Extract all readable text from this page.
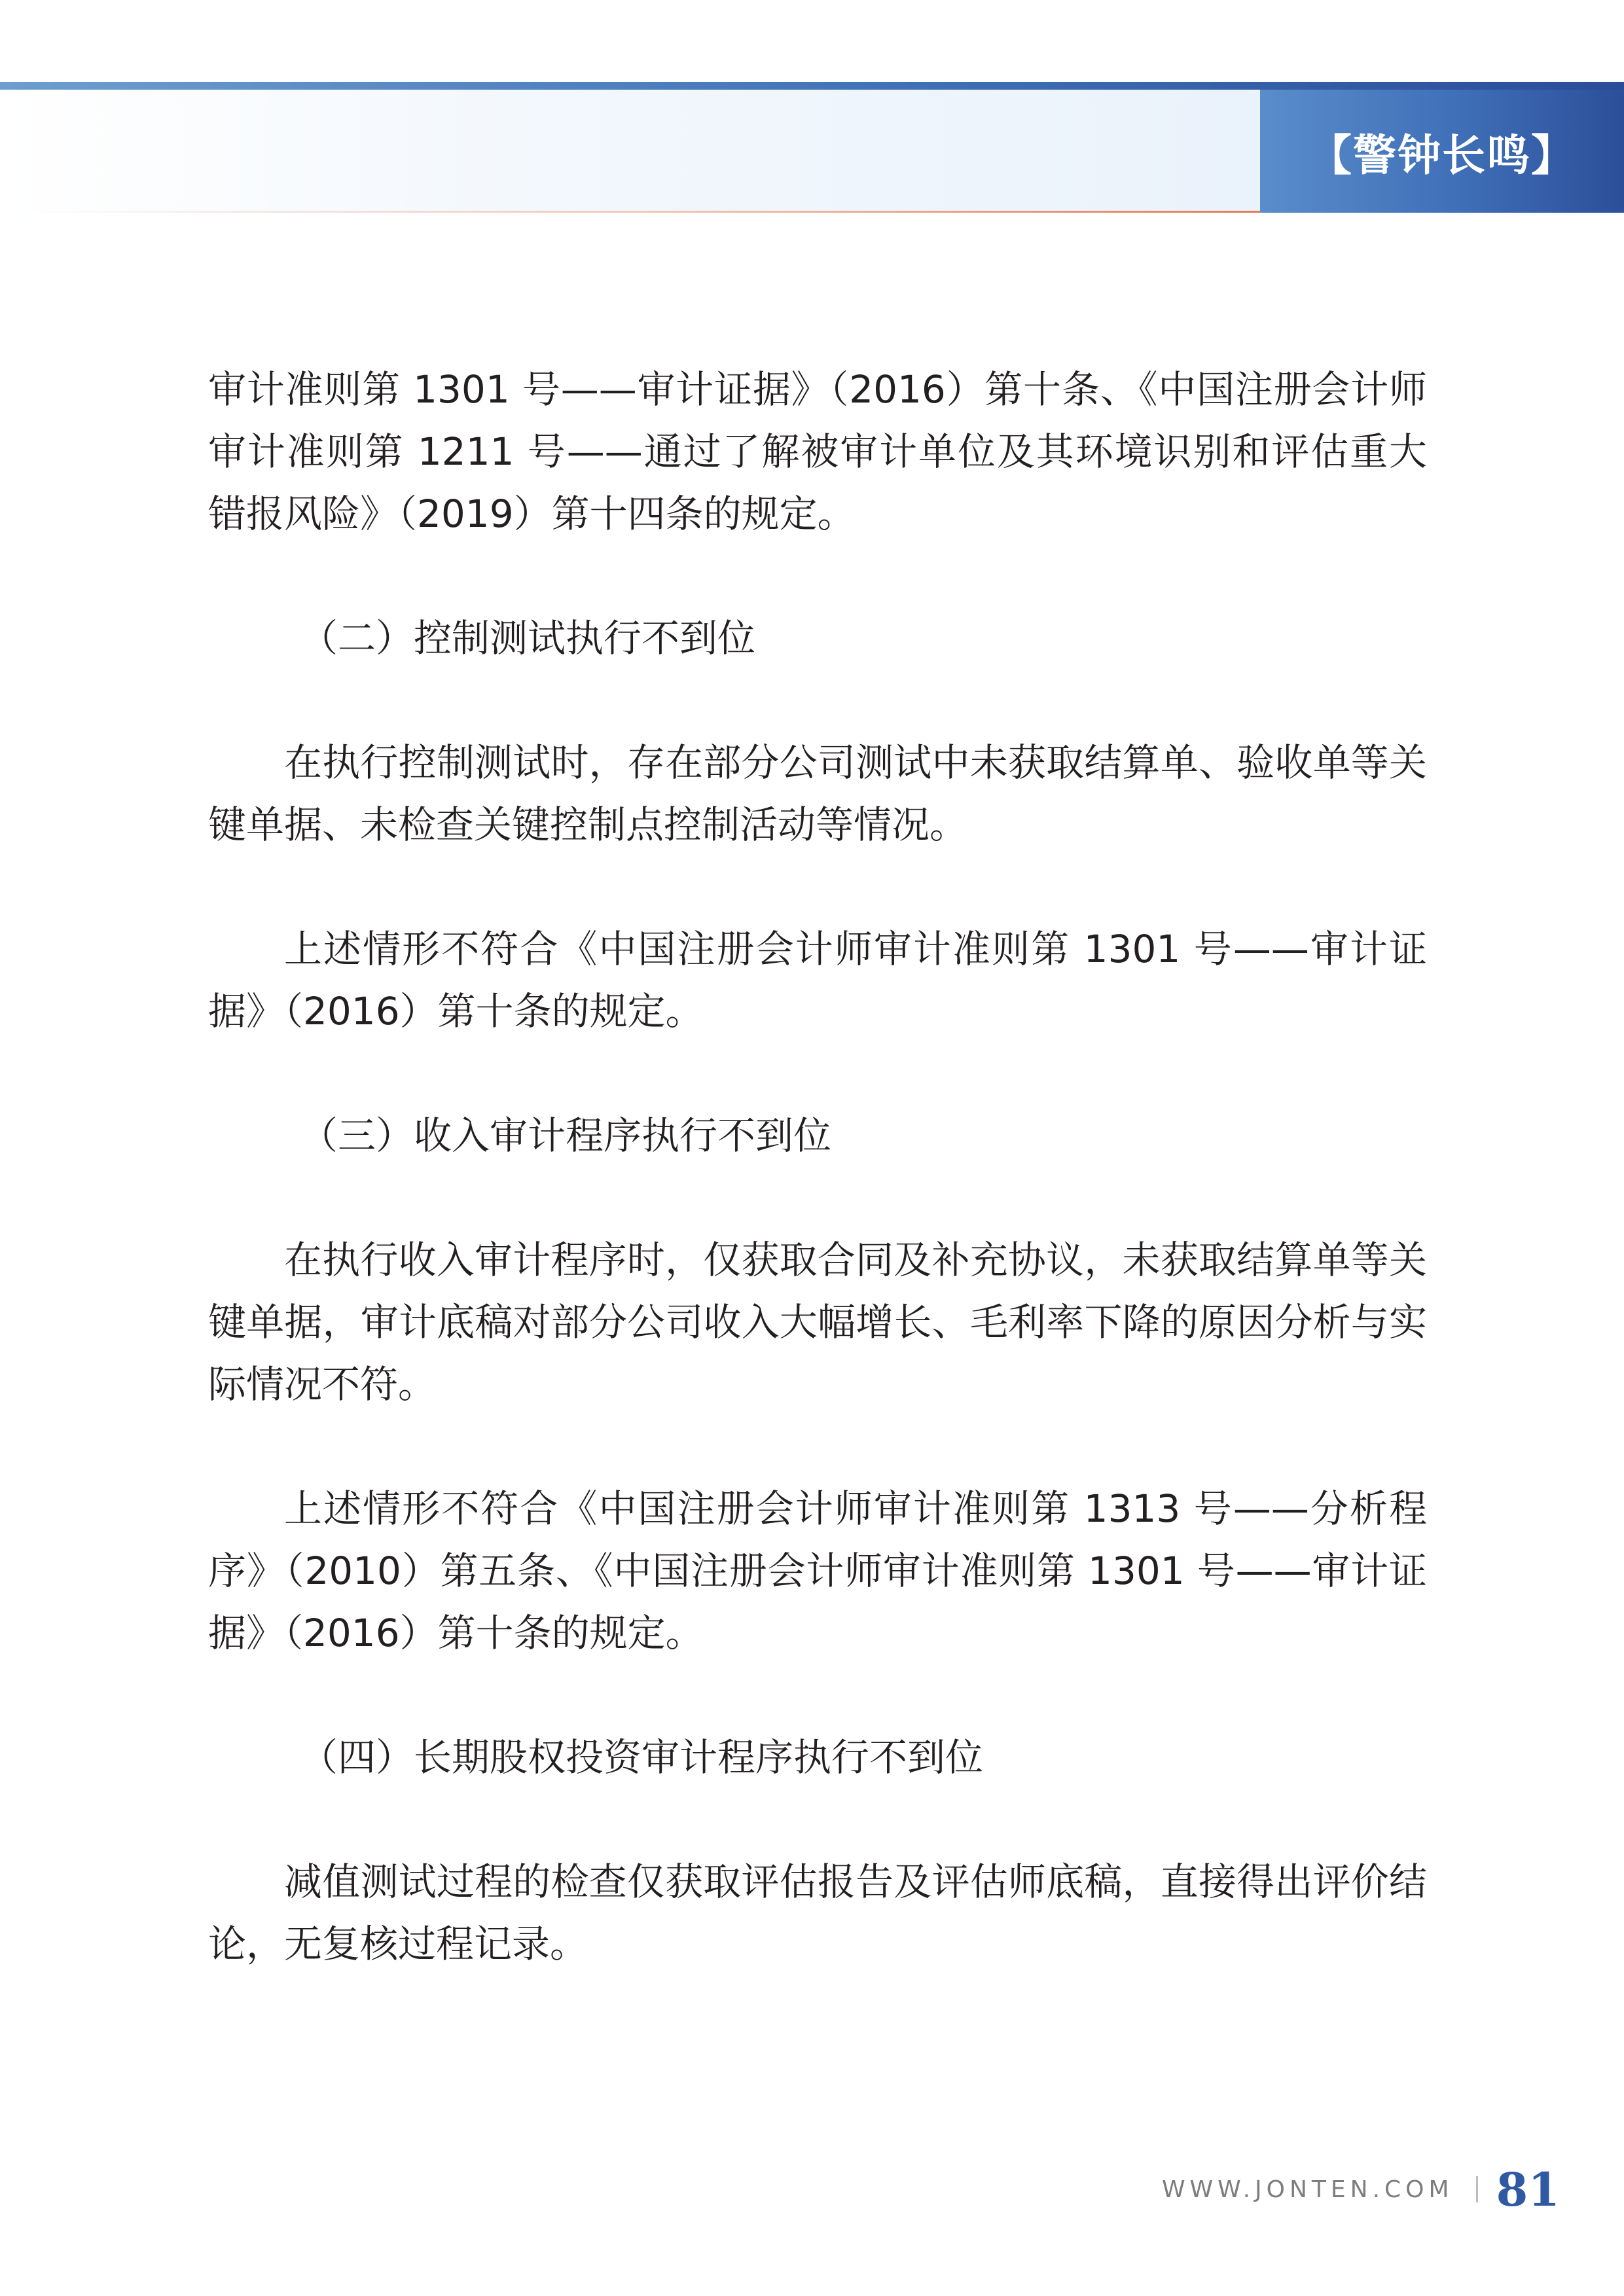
【警钟长鸣】

审计准则第 1301 号——审计证据》（2016）第十条、《中国注册会计师审计准则第 1211 号——通过了解被审计单位及其环境识别和评估重大错报风险》（2019）第十四条的规定。

（二）控制测试执行不到位

在执行控制测试时，存在部分公司测试中未获取结算单、验收单等关键单据、未检查关键控制点控制活动等情况。

上述情形不符合《中国注册会计师审计准则第 1301 号——审计证据》（2016）第十条的规定。

（三）收入审计程序执行不到位

在执行收入审计程序时，仅获取合同及补充协议，未获取结算单等关键单据，审计底稿对部分公司收入大幅增长、毛利率下降的原因分析与实际情况不符。

上述情形不符合《中国注册会计师审计准则第 1313 号——分析程序》（2010）第五条、《中国注册会计师审计准则第 1301 号——审计证据》（2016）第十条的规定。

（四）长期股权投资审计程序执行不到位

减值测试过程的检查仅获取评估报告及评估师底稿，直接得出评价结论，无复核过程记录。

WWW.JONTEN.COM 81
